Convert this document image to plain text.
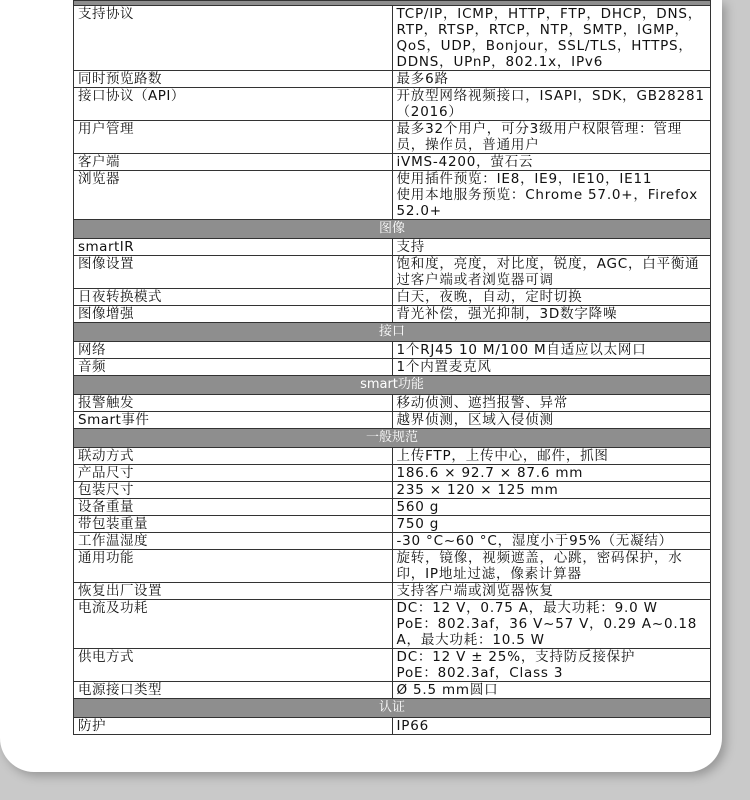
支持协议	TCP/IP，ICMP，HTTP，FTP，DHCP，DNS，RTP，RTSP，RTCP，NTP，SMTP，IGMP，QoS，UDP，Bonjour，SSL/TLS，HTTPS，DDNS，UPnP，802.1x，IPv6

同时预览路数	最多6路

接口协议（API）	开放型网络视频接口，ISAPI，SDK，GB28281（2016）

用户管理	最多32个用户，可分3级用户权限管理：管理员，操作员，普通用户

客户端	iVMS-4200，萤石云

浏览器	使用插件预览：IE8，IE9，IE10，IE11
使用本地服务预览：Chrome 57.0+，Firefox 52.0+

图像	
smartIR	支持

图像设置	饱和度，亮度，对比度，锐度，AGC，白平衡通过客户端或者浏览器可调

日夜转换模式	白天，夜晚，自动，定时切换

图像增强	背光补偿，强光抑制，3D数字降噪

接口	
网络	1个RJ45 10 M/100 M自适应以太网口

音频	1个内置麦克风

smart功能	
报警触发	移动侦测、遮挡报警、异常

Smart事件	越界侦测，区域入侵侦测

一般规范	
联动方式	上传FTP，上传中心，邮件，抓图

产品尺寸	186.6 × 92.7 × 87.6 mm

包装尺寸	235 × 120 × 125 mm

设备重量	560 g

带包装重量	750 g

工作温湿度	-30 °C~60 °C，湿度小于95%（无凝结）

通用功能	旋转，镜像，视频遮盖，心跳，密码保护，水印，IP地址过滤，像素计算器

恢复出厂设置	支持客户端或浏览器恢复

电流及功耗	DC：12 V，0.75 A，最大功耗：9.0 W
PoE：802.3af，36 V~57 V，0.29 A~0.18 A，最大功耗：10.5 W

供电方式	DC：12 V ± 25%，支持防反接保护
PoE：802.3af，Class 3

电源接口类型	Ø 5.5 mm圆口

认证	
防护	IP66
